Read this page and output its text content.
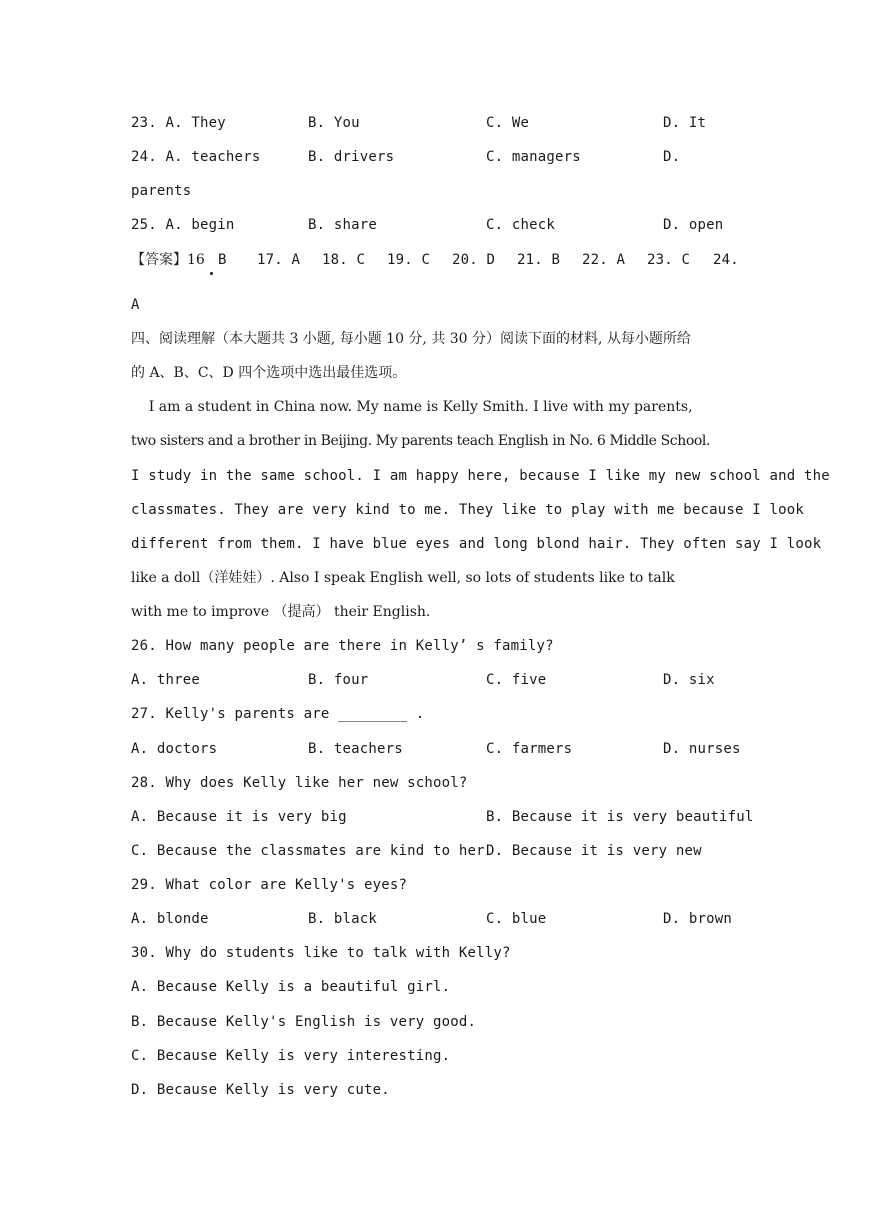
23. A. They	B. You	C. We	D. It
24. A. teachers	B. drivers	C. managers	D.
parents
25. A. begin	B. share	C. check	D. open
【答案】16 B 17. A 18. C 19. C 20. D 21. B 22. A 23. C 24.
A
四、阅读理解（本大题共 3 小题, 每小题 10 分, 共 30 分）阅读下面的材料, 从每小题所给
的 A、B、C、D 四个选项中选出最佳选项。
I am a student in China now. My name is Kelly Smith. I live with my parents,
two sisters and a brother in Beijing. My parents teach English in No. 6 Middle School.
I study in the same school. I am happy here, because I like my new school and the
classmates. They are very kind to me. They like to play with me because I look
different from them. I have blue eyes and long blond hair. They often say I look
like a doll（洋娃娃）. Also I speak English well, so lots of students like to talk
with me to improve （提高） their English.
26. How many people are there in Kelly’ s family?
A. three	B. four	C. five	D. six
27. Kelly's parents are ________ .
A. doctors	B. teachers	C. farmers	D. nurses
28. Why does Kelly like her new school?
A. Because it is very big	B. Because it is very beautiful
C. Because the classmates are kind to her D. Because it is very new
29. What color are Kelly's eyes?
A. blonde	B. black	C. blue	D. brown
30. Why do students like to talk with Kelly?
A. Because Kelly is a beautiful girl.
B. Because Kelly's English is very good.
C. Because Kelly is very interesting.
D. Because Kelly is very cute.
